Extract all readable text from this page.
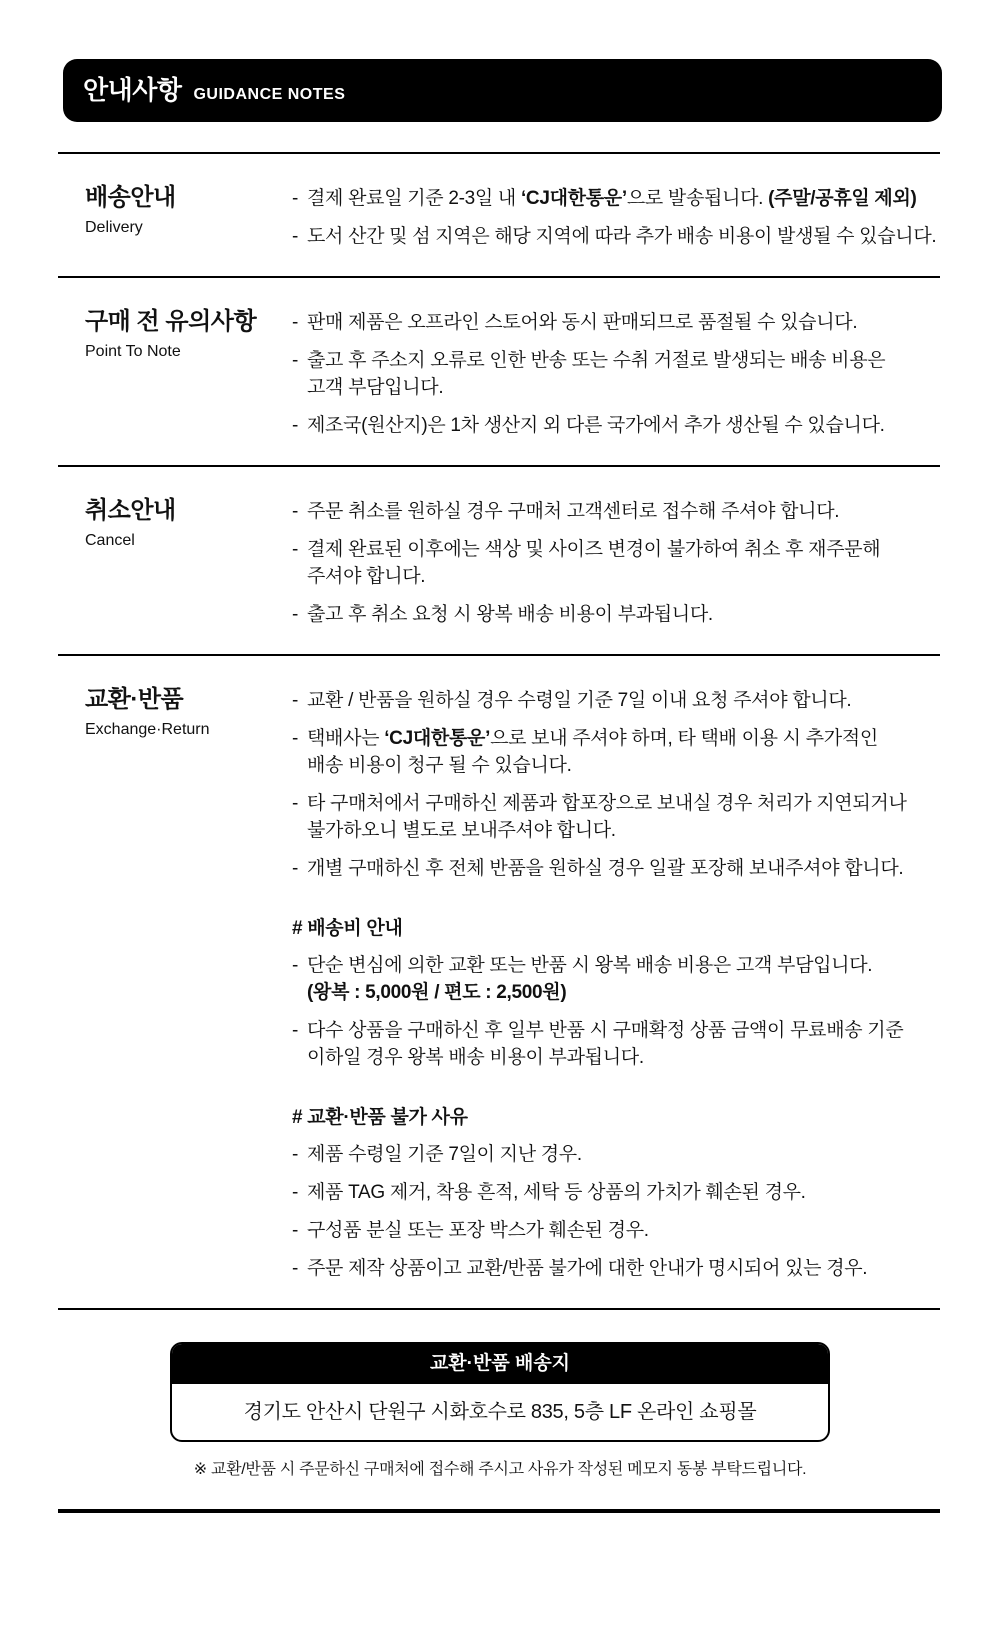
안내사항 GUIDANCE NOTES
배송안내
Delivery
- 결제 완료일 기준 2-3일 내 ‘CJ대한통운’으로 발송됩니다. (주말/공휴일 제외)
- 도서 산간 및 섬 지역은 해당 지역에 따라 추가 배송 비용이 발생될 수 있습니다.
구매 전 유의사항
Point To Note
- 판매 제품은 오프라인 스토어와 동시 판매되므로 품절될 수 있습니다.
- 출고 후 주소지 오류로 인한 반송 또는 수취 거절로 발생되는 배송 비용은
고객 부담입니다.
- 제조국(원산지)은 1차 생산지 외 다른 국가에서 추가 생산될 수 있습니다.
취소안내
Cancel
- 주문 취소를 원하실 경우 구매처 고객센터로 접수해 주셔야 합니다.
- 결제 완료된 이후에는 색상 및 사이즈 변경이 불가하여 취소 후 재주문해
주셔야 합니다.
- 출고 후 취소 요청 시 왕복 배송 비용이 부과됩니다.
교환·반품
Exchange·Return
- 교환 / 반품을 원하실 경우 수령일 기준 7일 이내 요청 주셔야 합니다.
- 택배사는 ‘CJ대한통운’으로 보내 주셔야 하며, 타 택배 이용 시 추가적인
배송 비용이 청구 될 수 있습니다.
- 타 구매처에서 구매하신 제품과 합포장으로 보내실 경우 처리가 지연되거나
불가하오니 별도로 보내주셔야 합니다.
- 개별 구매하신 후 전체 반품을 원하실 경우 일괄 포장해 보내주셔야 합니다.
# 배송비 안내
- 단순 변심에 의한 교환 또는 반품 시 왕복 배송 비용은 고객 부담입니다.
(왕복 : 5,000원 / 편도 : 2,500원)
- 다수 상품을 구매하신 후 일부 반품 시 구매확정 상품 금액이 무료배송 기준
이하일 경우 왕복 배송 비용이 부과됩니다.
# 교환·반품 불가 사유
- 제품 수령일 기준 7일이 지난 경우.
- 제품 TAG 제거, 착용 흔적, 세탁 등 상품의 가치가 훼손된 경우.
- 구성품 분실 또는 포장 박스가 훼손된 경우.
- 주문 제작 상품이고 교환/반품 불가에 대한 안내가 명시되어 있는 경우.
교환·반품 배송지
경기도 안산시 단원구 시화호수로 835, 5층 LF 온라인 쇼핑몰

※ 교환/반품 시 주문하신 구매처에 접수해 주시고 사유가 작성된 메모지 동봉 부탁드립니다.
